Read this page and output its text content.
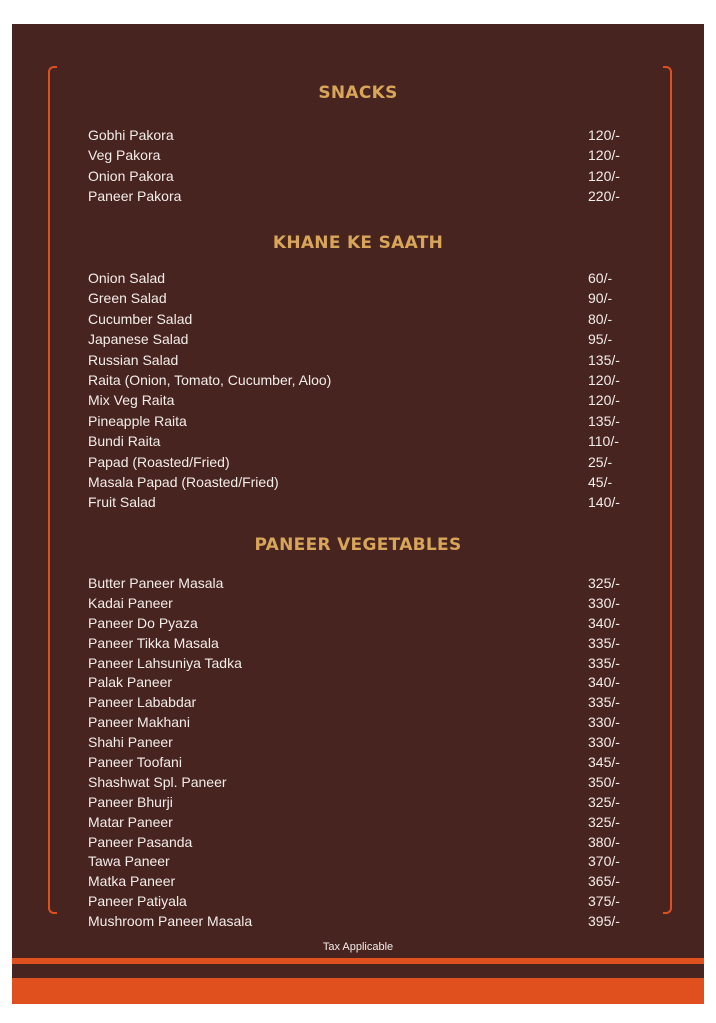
SNACKS
Gobhi Pakora	120/-
Veg Pakora	120/-
Onion Pakora	120/-
Paneer Pakora	220/-
KHANE KE SAATH
Onion Salad	60/-
Green Salad	90/-
Cucumber Salad	80/-
Japanese Salad	95/-
Russian Salad	135/-
Raita (Onion, Tomato, Cucumber, Aloo)	120/-
Mix Veg Raita	120/-
Pineapple Raita	135/-
Bundi Raita	110/-
Papad (Roasted/Fried)	25/-
Masala Papad (Roasted/Fried)	45/-
Fruit Salad	140/-
PANEER VEGETABLES
Butter Paneer Masala	325/-
Kadai Paneer	330/-
Paneer Do Pyaza	340/-
Paneer Tikka Masala	335/-
Paneer Lahsuniya Tadka	335/-
Palak Paneer	340/-
Paneer Lababdar	335/-
Paneer Makhani	330/-
Shahi Paneer	330/-
Paneer Toofani	345/-
Shashwat Spl. Paneer	350/-
Paneer Bhurji	325/-
Matar Paneer	325/-
Paneer Pasanda	380/-
Tawa Paneer	370/-
Matka Paneer	365/-
Paneer Patiyala	375/-
Mushroom Paneer Masala	395/-
Tax Applicable
